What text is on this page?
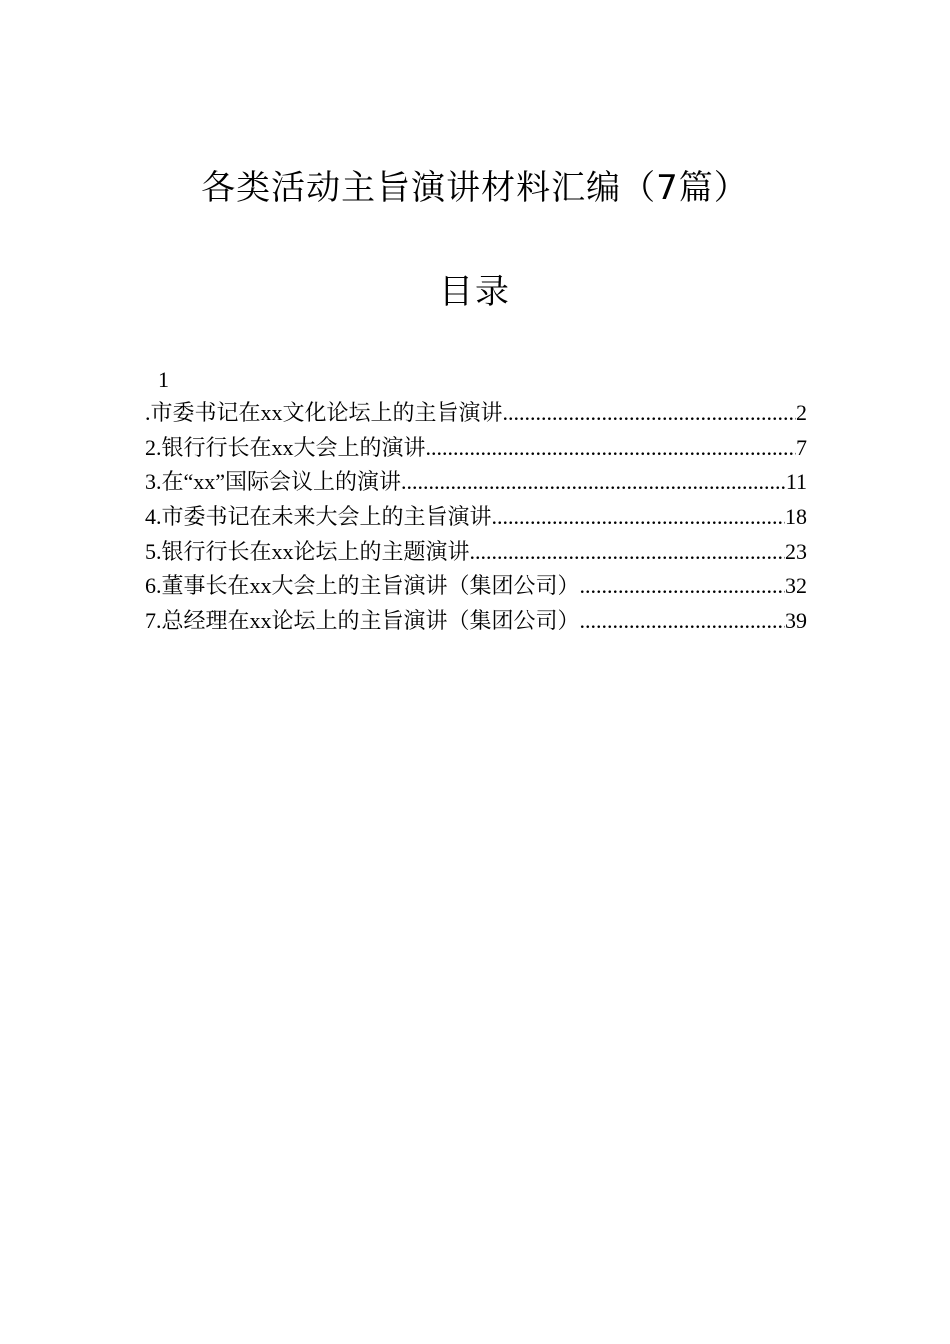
各类活动主旨演讲材料汇编（7篇）
目录
1
.市委书记在xx文化论坛上的主旨演讲 .....	2
2.银行行长在xx大会上的演讲 .....	7
3.在“xx”国际会议上的演讲 .....	11
4.市委书记在未来大会上的主旨演讲 .....	18
5.银行行长在xx论坛上的主题演讲 .....	23
6.董事长在xx大会上的主旨演讲（集团公司） .....	32
7.总经理在xx论坛上的主旨演讲（集团公司） .....	39
